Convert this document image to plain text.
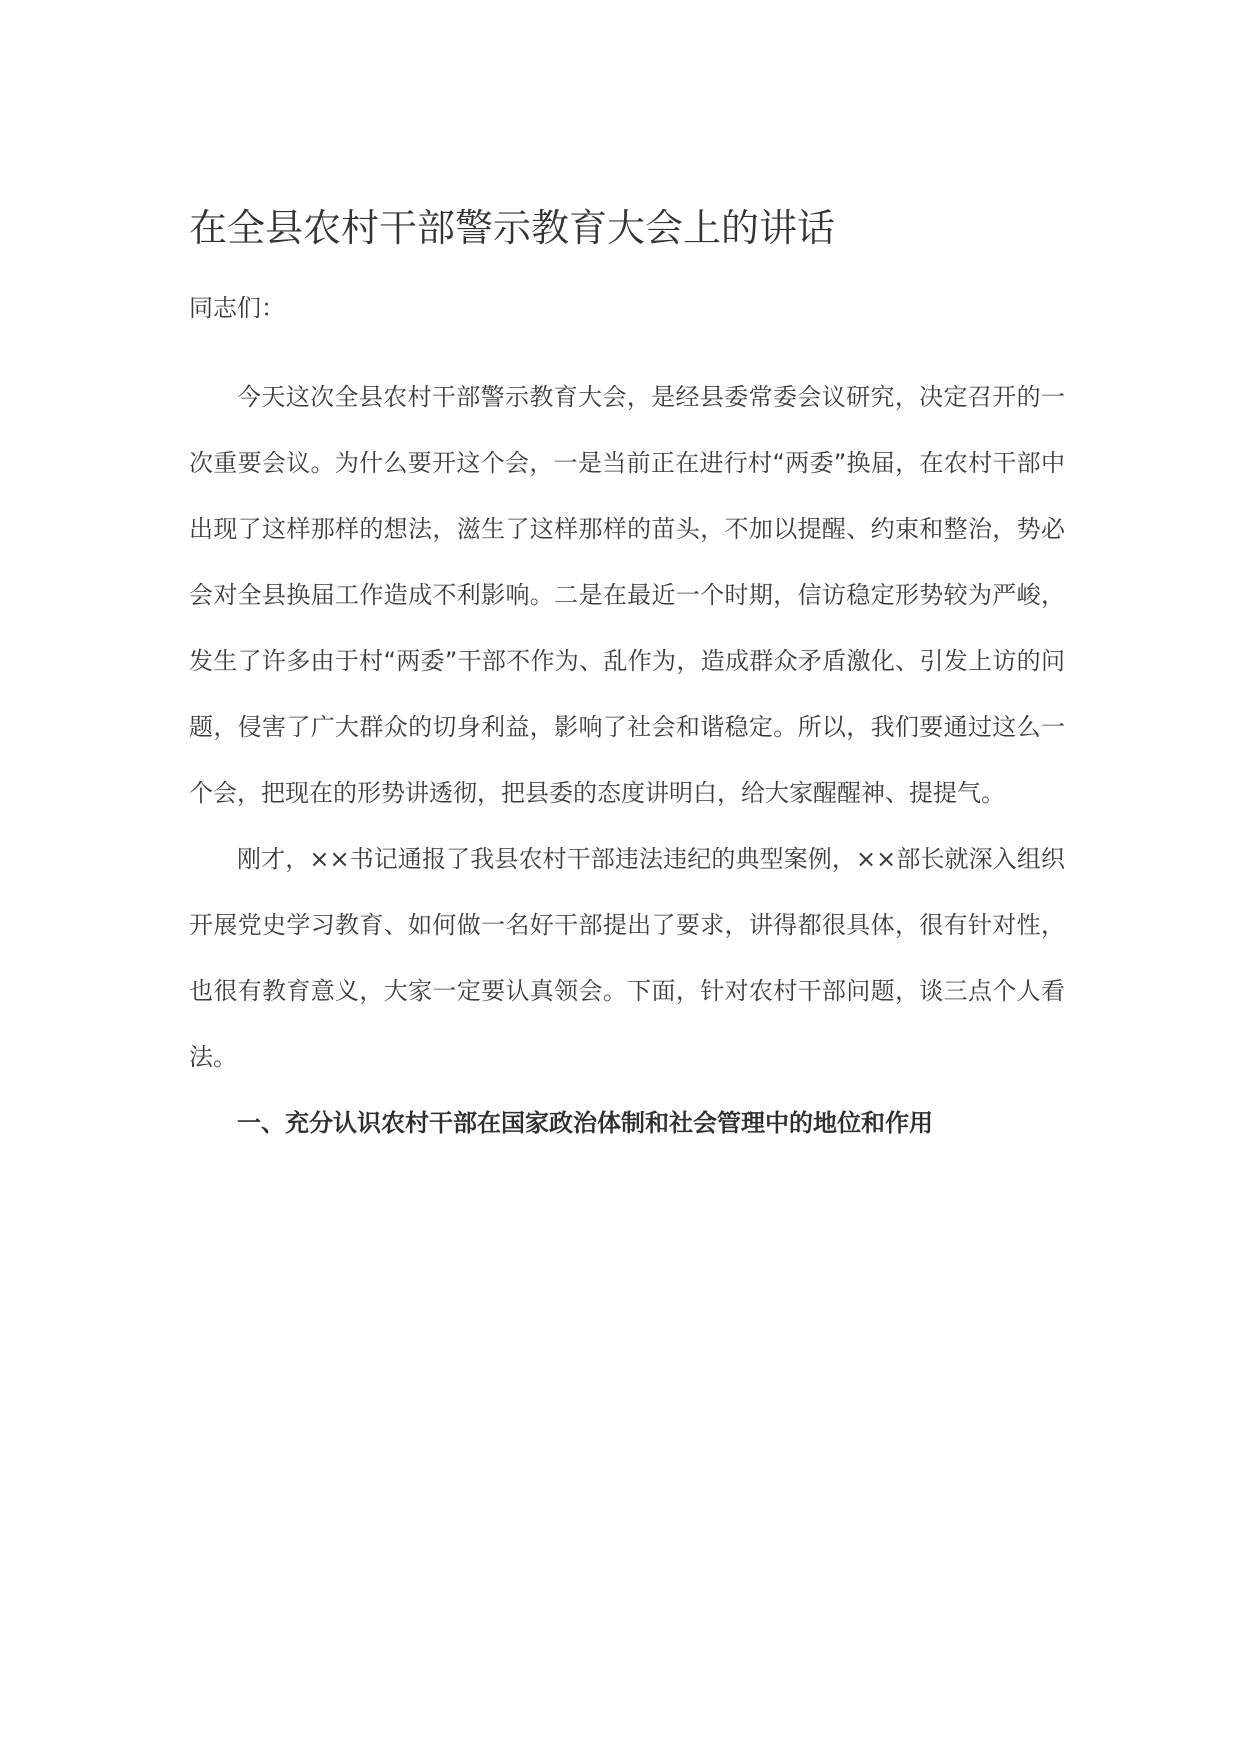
在全县农村干部警示教育大会上的讲话

同志们：

今天这次全县农村干部警示教育大会，是经县委常委会议研究，决定召开的一次重要会议。为什么要开这个会，一是当前正在进行村“两委”换届，在农村干部中出现了这样那样的想法，滋生了这样那样的苗头，不加以提醒、约束和整治，势必会对全县换届工作造成不利影响。二是在最近一个时期，信访稳定形势较为严峻，发生了许多由于村“两委”干部不作为、乱作为，造成群众矛盾激化、引发上访的问题，侵害了广大群众的切身利益，影响了社会和谐稳定。所以，我们要通过这么一个会，把现在的形势讲透彻，把县委的态度讲明白，给大家醒醒神、提提气。

刚才，××书记通报了我县农村干部违法违纪的典型案例，××部长就深入组织开展党史学习教育、如何做一名好干部提出了要求，讲得都很具体，很有针对性，也很有教育意义，大家一定要认真领会。下面，针对农村干部问题，谈三点个人看法。

一、充分认识农村干部在国家政治体制和社会管理中的地位和作用
